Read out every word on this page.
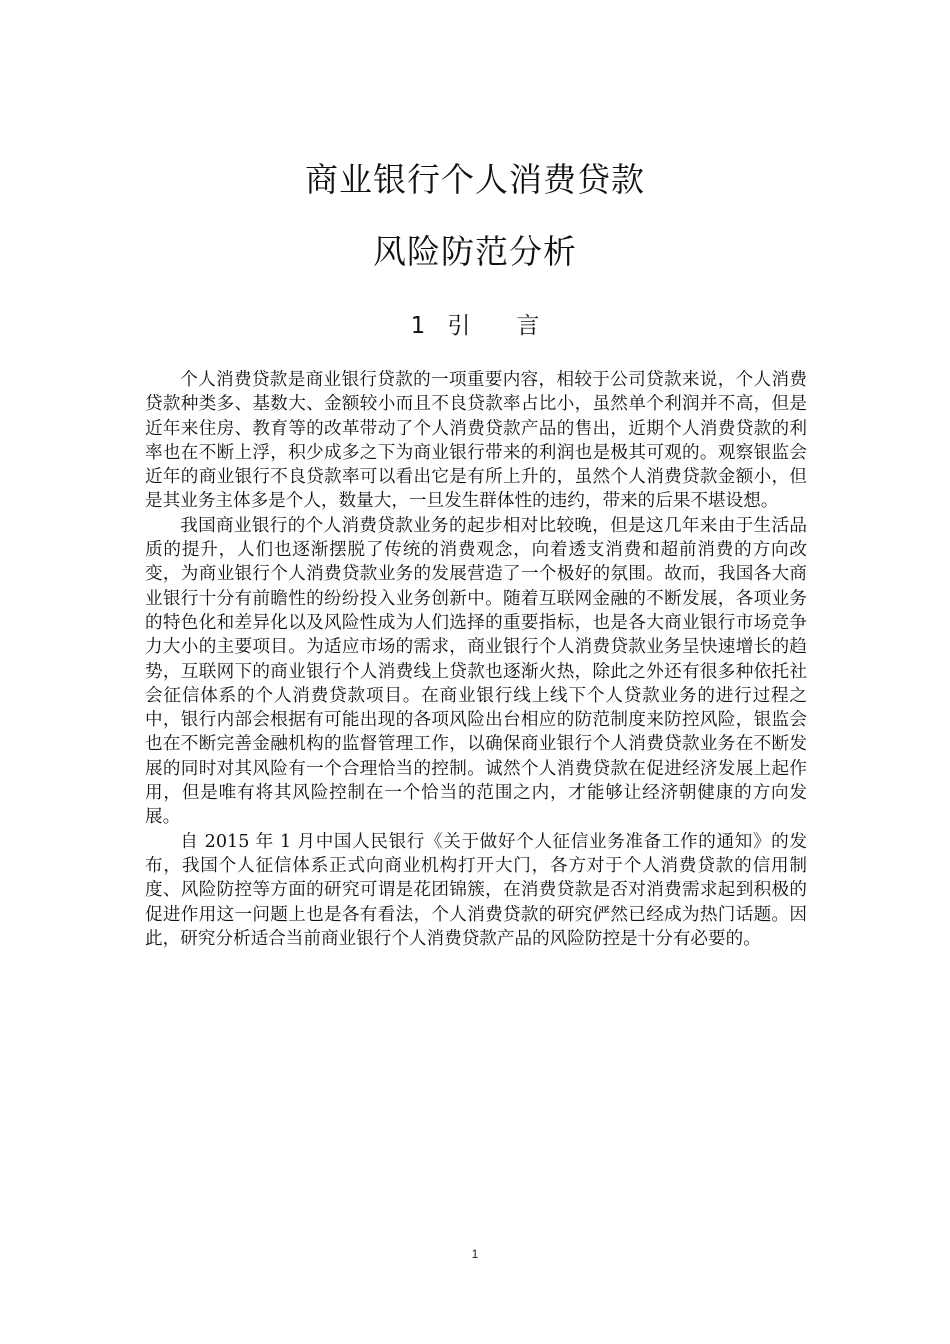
商业银行个人消费贷款
风险防范分析
1 引 言

个人消费贷款是商业银行贷款的一项重要内容，相较于公司贷款来说，个人消费贷款种类多、基数大、金额较小而且不良贷款率占比小，虽然单个利润并不高，但是近年来住房、教育等的改革带动了个人消费贷款产品的售出，近期个人消费贷款的利率也在不断上浮，积少成多之下为商业银行带来的利润也是极其可观的。观察银监会近年的商业银行不良贷款率可以看出它是有所上升的，虽然个人消费贷款金额小，但是其业务主体多是个人，数量大，一旦发生群体性的违约，带来的后果不堪设想。

我国商业银行的个人消费贷款业务的起步相对比较晚，但是这几年来由于生活品质的提升，人们也逐渐摆脱了传统的消费观念，向着透支消费和超前消费的方向改变，为商业银行个人消费贷款业务的发展营造了一个极好的氛围。故而，我国各大商业银行十分有前瞻性的纷纷投入业务创新中。随着互联网金融的不断发展，各项业务的特色化和差异化以及风险性成为人们选择的重要指标，也是各大商业银行市场竞争力大小的主要项目。为适应市场的需求，商业银行个人消费贷款业务呈快速增长的趋势，互联网下的商业银行个人消费线上贷款也逐渐火热，除此之外还有很多种依托社会征信体系的个人消费贷款项目。在商业银行线上线下个人贷款业务的进行过程之中，银行内部会根据有可能出现的各项风险出台相应的防范制度来防控风险，银监会也在不断完善金融机构的监督管理工作，以确保商业银行个人消费贷款业务在不断发展的同时对其风险有一个合理恰当的控制。诚然个人消费贷款在促进经济发展上起作用，但是唯有将其风险控制在一个恰当的范围之内，才能够让经济朝健康的方向发展。

自 2015 年 1 月中国人民银行《关于做好个人征信业务准备工作的通知》的发布，我国个人征信体系正式向商业机构打开大门，各方对于个人消费贷款的信用制度、风险防控等方面的研究可谓是花团锦簇，在消费贷款是否对消费需求起到积极的促进作用这一问题上也是各有看法，个人消费贷款的研究俨然已经成为热门话题。因此，研究分析适合当前商业银行个人消费贷款产品的风险防控是十分有必要的。

1
